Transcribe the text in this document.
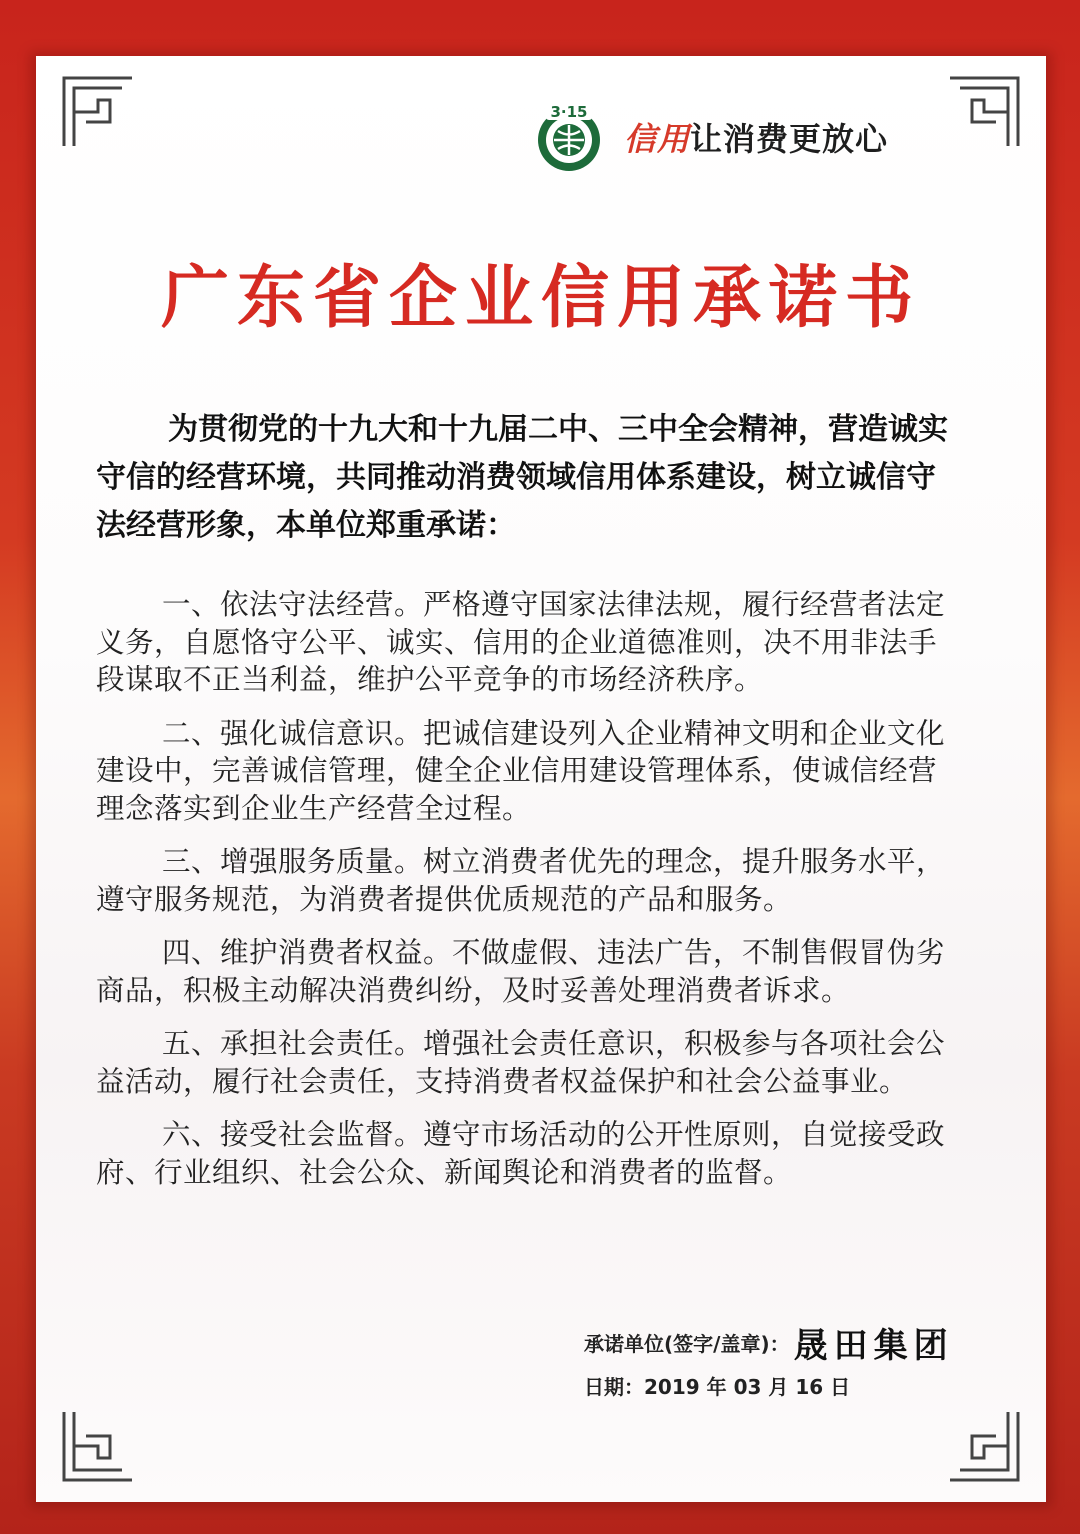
3·15
信用让消费更放心
广东省企业信用承诺书

为贯彻党的十九大和十九届二中、三中全会精神，营造诚实守信的经营环境，共同推动消费领域信用体系建设，树立诚信守法经营形象，本单位郑重承诺：

一、依法守法经营。严格遵守国家法律法规，履行经营者法定义务，自愿恪守公平、诚实、信用的企业道德准则，决不用非法手段谋取不正当利益，维护公平竞争的市场经济秩序。

二、强化诚信意识。把诚信建设列入企业精神文明和企业文化建设中，完善诚信管理，健全企业信用建设管理体系，使诚信经营理念落实到企业生产经营全过程。

三、增强服务质量。树立消费者优先的理念，提升服务水平，遵守服务规范，为消费者提供优质规范的产品和服务。

四、维护消费者权益。不做虚假、违法广告，不制售假冒伪劣商品，积极主动解决消费纠纷，及时妥善处理消费者诉求。

五、承担社会责任。增强社会责任意识，积极参与各项社会公益活动，履行社会责任，支持消费者权益保护和社会公益事业。

六、接受社会监督。遵守市场活动的公开性原则，自觉接受政府、行业组织、社会公众、新闻舆论和消费者的监督。

承诺单位(签字/盖章)： 晟田集团
日期：2019 年 03 月 16 日
